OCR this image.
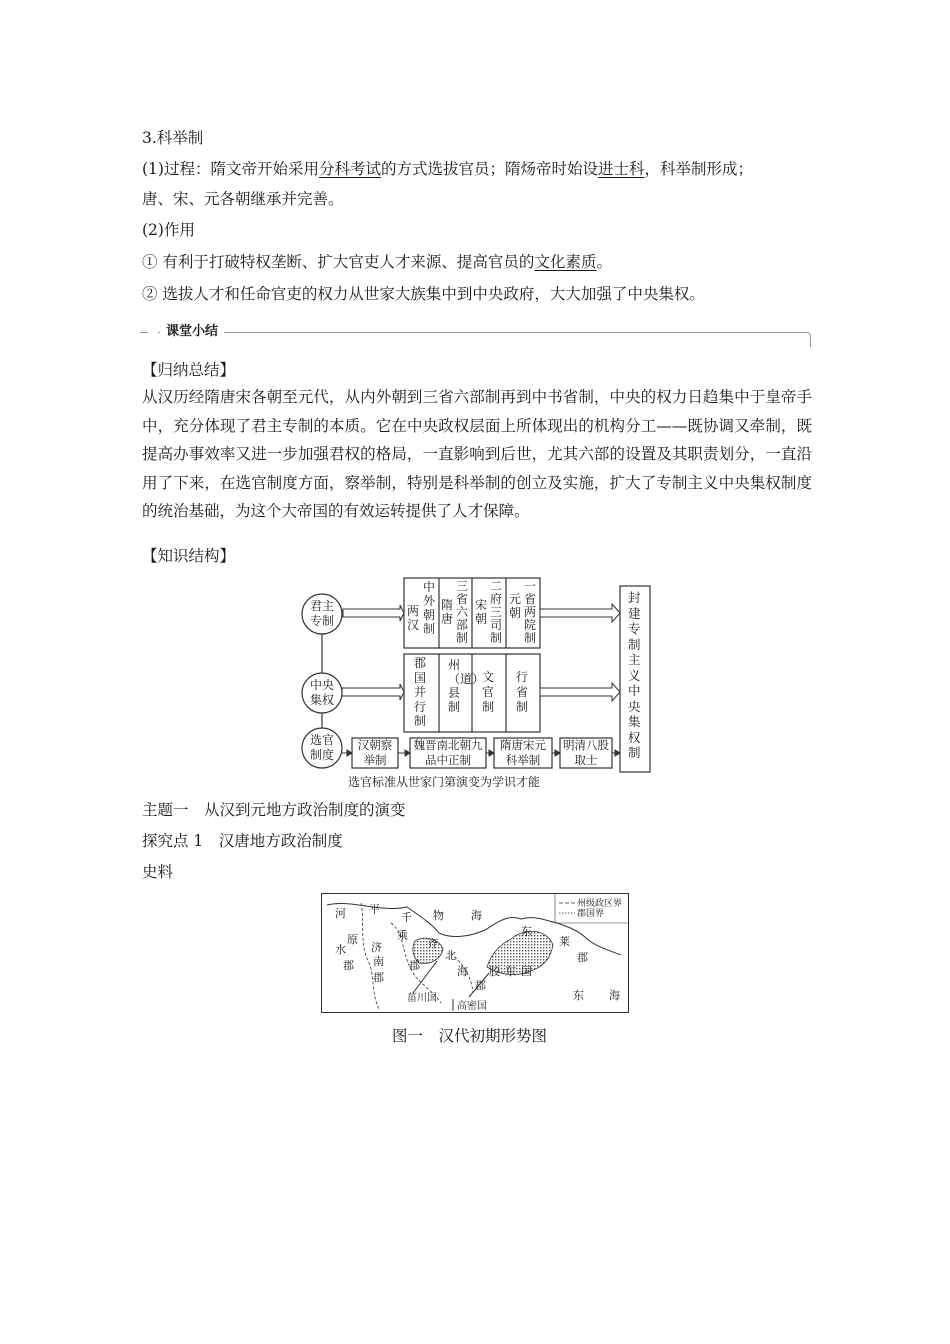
3.科举制
(1)过程：隋文帝开始采用分科考试的方式选拔官员；隋炀帝时始设进士科，科举制形成；
唐、宋、元各朝继承并完善。
(2)作用
① 有利于打破特权垄断、扩大官吏人才来源、提高官员的文化素质。
② 选拔人才和任命官吏的权力从世家大族集中到中央政府，大大加强了中央集权。
课堂小结
【归纳总结】
从汉历经隋唐宋各朝至元代，从内外朝到三省六部制再到中书省制，中央的权力日趋集中于皇帝手中，充分体现了君主专制的本质。它在中央政权层面上所体现出的机构分工——既协调又牵制，既提高办事效率又进一步加强君权的格局，一直影响到后世，尤其六部的设置及其职责划分，一直沿用了下来，在选官制度方面，察举制，特别是科举制的创立及实施，扩大了专制主义中央集权制度的统治基础，为这个大帝国的有效运转提供了人才保障。
【知识结构】
君主专制
中央集权
选官制度
两汉
中外朝制
隋唐
三省六部制
宋朝
二府三司制
元朝
一省两院制
郡国并行制
州（道）县制
文官制
行省制
汉朝察举制
魏晋南北朝九品中正制
隋唐宋元科举制
明清八股取士
封建专制主义中央集权制
选官标准从世家门第演变为学识才能
主题一　从汉到元地方政治制度的演变
探究点 1　汉唐地方政治制度
史料
州级政区界
郡国界
河 平
千 物 海
水
原	乘	东
莱
郡
济
郡
齐
南	北
郡	海 胶 东 国
郡
东 海
郡
菑川国
高密国
图一　汉代初期形势图
